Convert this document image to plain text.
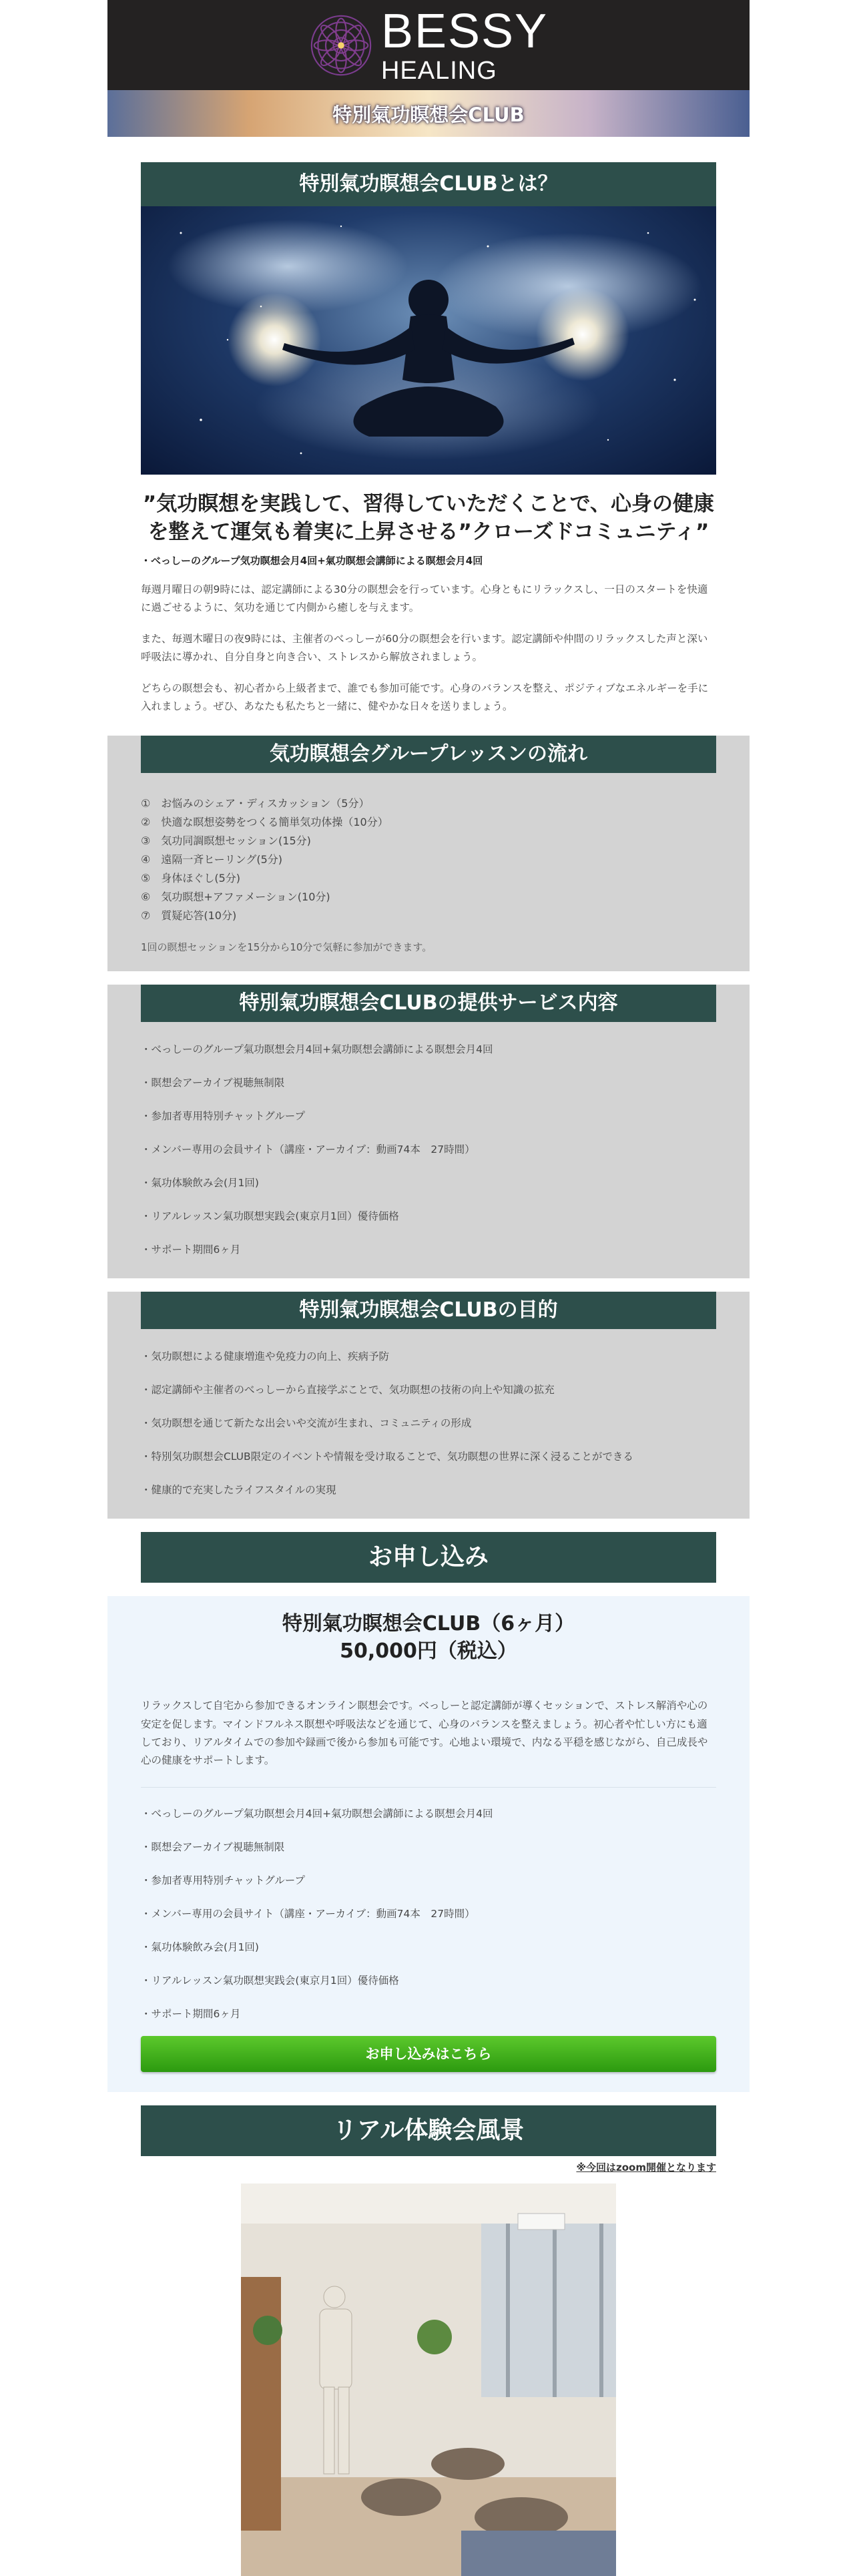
BESSY
HEALING
特別氣功瞑想会CLUB
特別氣功瞑想会CLUBとは？
”気功瞑想を実践して、習得していただくことで、心身の健康を整えて運気も着実に上昇させる”クローズドコミュニティ”
・べっしーのグループ気功瞑想会月4回+氣功瞑想会講師による瞑想会月4回

毎週月曜日の朝9時には、認定講師による30分の瞑想会を行っています。心身ともにリラックスし、一日のスタートを快適に過ごせるように、気功を通じて内側から癒しを与えます。

また、毎週木曜日の夜9時には、主催者のべっしーが60分の瞑想会を行います。認定講師や仲間のリラックスした声と深い呼吸法に導かれ、自分自身と向き合い、ストレスから解放されましょう。

どちらの瞑想会も、初心者から上級者まで、誰でも参加可能です。心身のバランスを整え、ポジティブなエネルギーを手に入れましょう。ぜひ、あなたも私たちと一緒に、健やかな日々を送りましょう。

気功瞑想会グループレッスンの流れ
①　お悩みのシェア・ディスカッション（5分）
②　快適な瞑想姿勢をつくる簡単気功体操（10分）
③　気功同調瞑想セッション(15分)
④　遠隔一斉ヒーリング(5分)
⑤　身体ほぐし(5分)
⑥　気功瞑想+アファメーション(10分)
⑦　質疑応答(10分)
1回の瞑想セッションを15分から10分で気軽に参加ができます。
特別氣功瞑想会CLUBの提供サービス内容
・べっしーのグループ氣功瞑想会月4回+氣功瞑想会講師による瞑想会月4回
・瞑想会アーカイブ視聴無制限
・参加者専用特別チャットグループ
・メンバー専用の会員サイト（講座・アーカイブ：動画74本　27時間）
・氣功体験飲み会(月1回)
・リアルレッスン氣功瞑想実践会(東京月1回）優待価格
・サポート期間6ヶ月
特別氣功瞑想会CLUBの目的
・気功瞑想による健康増進や免疫力の向上、疾病予防
・認定講師や主催者のべっしーから直接学ぶことで、気功瞑想の技術の向上や知識の拡充
・気功瞑想を通じて新たな出会いや交流が生まれ、コミュニティの形成
・特別気功瞑想会CLUB限定のイベントや情報を受け取ることで、気功瞑想の世界に深く浸ることができる
・健康的で充実したライフスタイルの実現
お申し込み
特別氣功瞑想会CLUB（6ヶ月）
50,000円（税込）

リラックスして自宅から参加できるオンライン瞑想会です。べっしーと認定講師が導くセッションで、ストレス解消や心の安定を促します。マインドフルネス瞑想や呼吸法などを通じて、心身のバランスを整えましょう。初心者や忙しい方にも適しており、リアルタイムでの参加や録画で後から参加も可能です。心地よい環境で、内なる平穏を感じながら、自己成長や心の健康をサポートします。

・べっしーのグループ氣功瞑想会月4回+氣功瞑想会講師による瞑想会月4回
・瞑想会アーカイブ視聴無制限
・参加者専用特別チャットグループ
・メンバー専用の会員サイト（講座・アーカイブ：動画74本　27時間）
・氣功体験飲み会(月1回)
・リアルレッスン氣功瞑想実践会(東京月1回）優待価格
・サポート期間6ヶ月
お申し込みはこちら
リアル体験会風景
※今回はzoom開催となります
